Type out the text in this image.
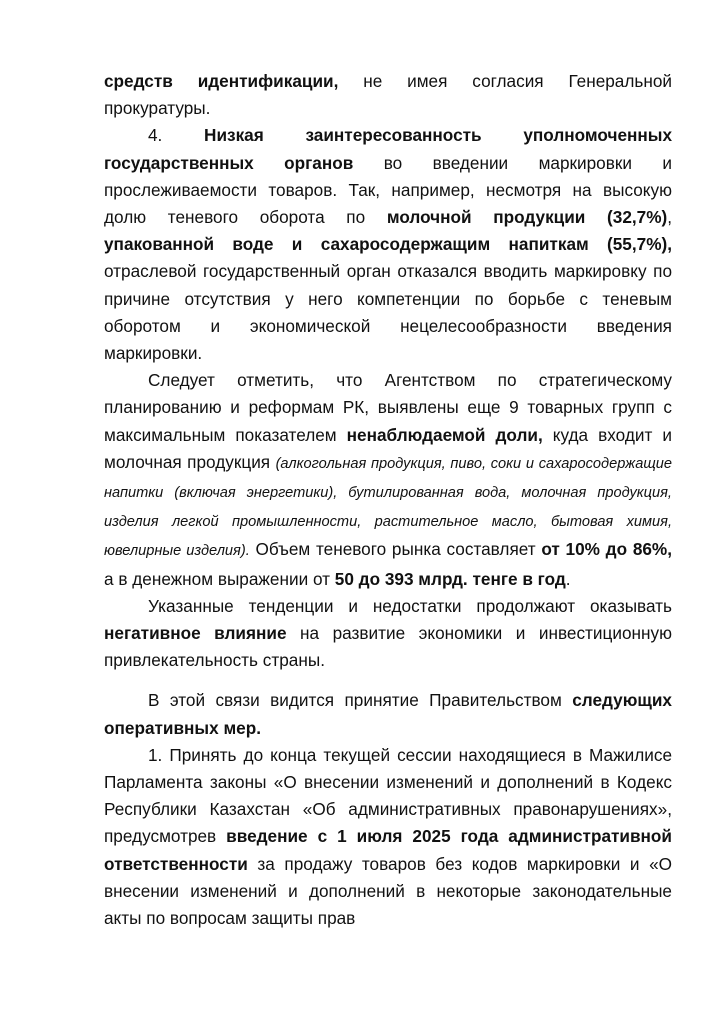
средств идентификации, не имея согласия Генеральной прокуратуры.

4. Низкая заинтересованность уполномоченных государственных органов во введении маркировки и прослеживаемости товаров. Так, например, несмотря на высокую долю теневого оборота по молочной продукции (32,7%), упакованной воде и сахаросодержащим напиткам (55,7%), отраслевой государственный орган отказался вводить маркировку по причине отсутствия у него компетенции по борьбе с теневым оборотом и экономической нецелесообразности введения маркировки.

Следует отметить, что Агентством по стратегическому планированию и реформам РК, выявлены еще 9 товарных групп с максимальным показателем ненаблюдаемой доли, куда входит и молочная продукция (алкогольная продукция, пиво, соки и сахаросодержащие напитки (включая энергетики), бутилированная вода, молочная продукция, изделия легкой промышленности, растительное масло, бытовая химия, ювелирные изделия). Объем теневого рынка составляет от 10% до 86%, а в денежном выражении от 50 до 393 млрд. тенге в год.

Указанные тенденции и недостатки продолжают оказывать негативное влияние на развитие экономики и инвестиционную привлекательность страны.

В этой связи видится принятие Правительством следующих оперативных мер.

1. Принять до конца текущей сессии находящиеся в Мажилисе Парламента законы «О внесении изменений и дополнений в Кодекс Республики Казахстан «Об административных правонарушениях», предусмотрев введение с 1 июля 2025 года административной ответственности за продажу товаров без кодов маркировки и «О внесении изменений и дополнений в некоторые законодательные акты по вопросам защиты прав
